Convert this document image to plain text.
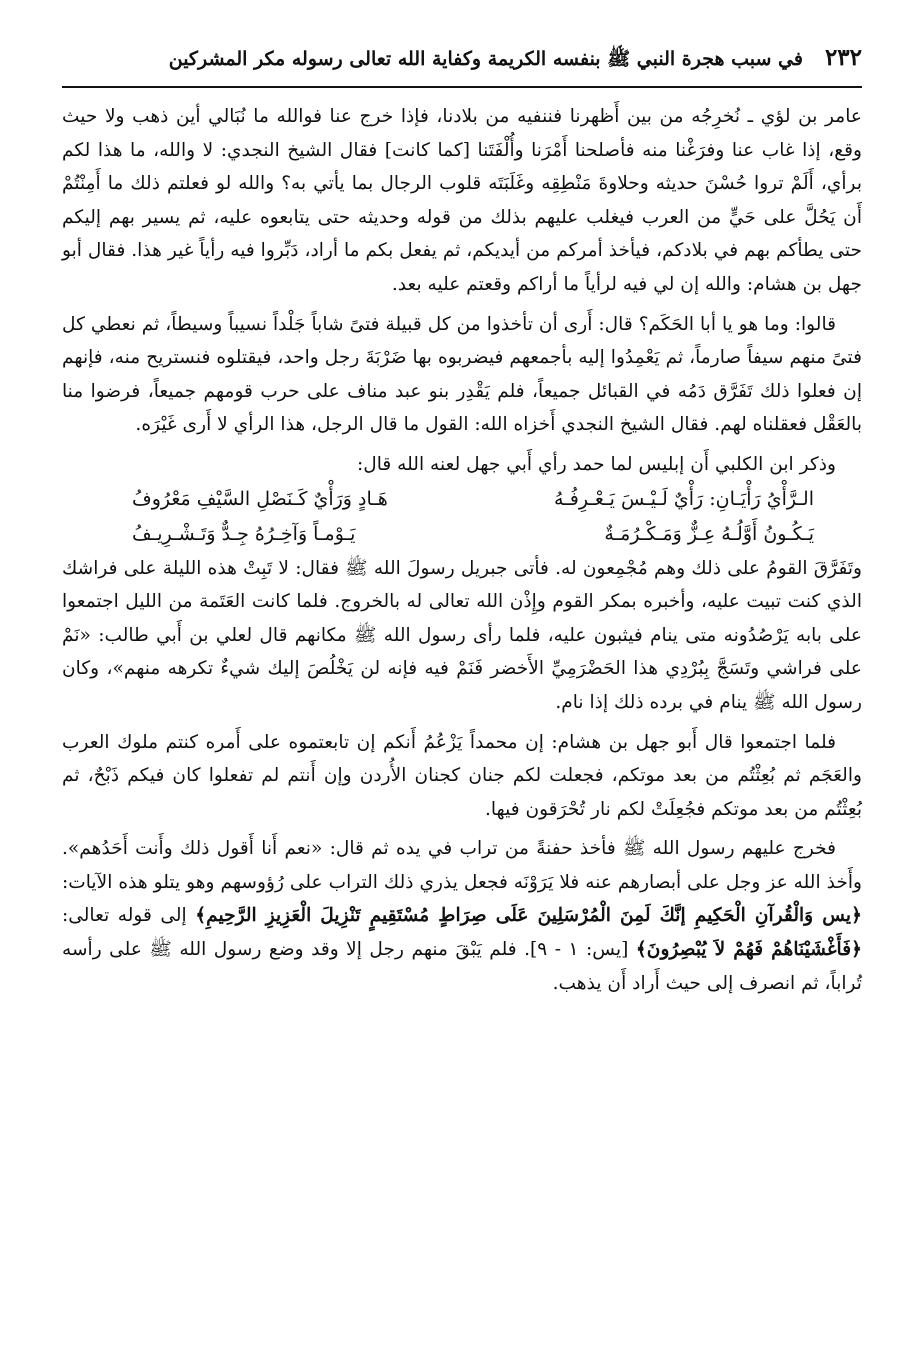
٢٣٢
في سبب هجرة النبي ﷺ بنفسه الكريمة وكفاية الله تعالى رسوله مكر المشركين

عامر بن لؤي ـ نُخرِجُه من بين أَظهرنا فننفيه من بلادنا، فإذا خرج عنا فوالله ما نُبَالي أين ذهب ولا حيث وقع، إذا غاب عنا وفرَغْنا منه فأصلحنا أَمْرَنا وأُلْفَتَنا [كما كانت] فقال الشيخ النجدي: لا والله، ما هذا لكم برأي، أَلَمْ تروا حُسْنَ حديثه وحلاوةَ مَنْطِقِه وغَلَبَتَه قلوب الرجال بما يأتي به؟ والله لو فعلتم ذلك ما أَمِنْتُمْ أَن يَحُلَّ على حَيٍّ من العرب فيغلب عليهم بذلك من قوله وحديثه حتى يتابعوه عليه، ثم يسير بهم إليكم حتى يطأكم بهم في بلادكم، فيأخذ أمركم من أيديكم، ثم يفعل بكم ما أراد، دَبِّروا فيه رأياً غير هذا. فقال أبو جهل بن هشام: والله إن لي فيه لرأياً ما أراكم وقعتم عليه بعد.

قالوا: وما هو يا أبا الحَكَم؟ قال: أَرى أن تأخذوا من كل قبيلة فتىً شاباً جَلْداً نسيباً وسيطاً، ثم نعطي كل فتىً منهم سيفاً صارماً، ثم يَعْمِدُوا إليه بأجمعهم فيضربوه بها ضَرْبَةَ رجل واحد، فيقتلوه فنستريح منه، فإنهم إن فعلوا ذلك تَفَرَّق دَمُه في القبائل جميعاً، فلم يَقْدِر بنو عبد مناف على حرب قومهم جميعاً، فرضوا منا بالعَقْل فعقلناه لهم. فقال الشيخ النجدي أَخزاه الله: القول ما قال الرجل، هذا الرأي لا أَرى غَيْرَه.

وذكر ابن الكلبي أَن إبليس لما حمد رأي أَبي جهل لعنه الله قال:

الـرَّأْيُ رَأْيَـانِ: رَأْيٌ لَـيْـسَ يَـعْـرِفُـهُ
هَـادٍ وَرَأْيٌ كَـنَصْلِ السَّيْفِ مَعْرُوفُ
يَـكُـونُ أَوَّلُـهُ عِـزٌّ وَمَـكْـرُمَـةٌ
يَـوْمـاً وَآخِـرُهُ جِـدٌّ وَتَـشْـرِيـفُ

وتَفَرَّقَ القومُ على ذلك وهم مُجْمِعون له. فأتى جبريل رسولَ الله ﷺ فقال: لا تَبِتْ هذه الليلة على فراشك الذي كنت تبيت عليه، وأخبره بمكر القوم وإِذْن الله تعالى له بالخروج. فلما كانت العَتَمة من الليل اجتمعوا على بابه يَرْصُدُونه متى ينام فيثبون عليه، فلما رأى رسول الله ﷺ مكانهم قال لعلي بن أَبي طالب: «نَمْ على فراشي وتَسَجَّ بِبُرْدِي هذا الحَضْرَمِيِّ الأَخضر فَنَمْ فيه فإنه لن يَخْلُصَ إليك شيءٌ تكرهه منهم»، وكان رسول الله ﷺ ينام في برده ذلك إذا نام.

فلما اجتمعوا قال أَبو جهل بن هشام: إن محمداً يَزْعُمُ أَنكم إن تابعتموه على أَمره كنتم ملوك العرب والعَجَم ثم بُعِثْتُم من بعد موتكم، فجعلت لكم جنان كجنان الأُردن وإن أَنتم لم تفعلوا كان فيكم ذَبْحٌ، ثم بُعِثْتُم من بعد موتكم فجُعِلَتْ لكم نار تُحْرَقون فيها.

فخرج عليهم رسول الله ﷺ فأخذ حفنةً من تراب في يده ثم قال: «نعم أَنا أَقول ذلك وأَنت أَحَدُهم». وأَخذ الله عز وجل على أبصارهم عنه فلا يَرَوْنَه فجعل يذري ذلك التراب على رُؤوسهم وهو يتلو هذه الآيات: ﴿يس وَالْقُرآنِ الْحَكِيمِ إنَّكَ لَمِنَ الْمُرْسَلِينَ عَلَى صِرَاطٍ مُسْتَقِيمٍ تَنْزِيلَ الْعَزِيزِ الرَّحِيمِ﴾ إلى قوله تعالى: ﴿فَأَغْشَيْنَاهُمْ فَهُمْ لاَ يُبْصِرُونَ﴾ [يس: ١ - ٩]. فلم يَبْقَ منهم رجل إلا وقد وضع رسول الله ﷺ على رأسه تُراباً، ثم انصرف إلى حيث أَراد أَن يذهب.
